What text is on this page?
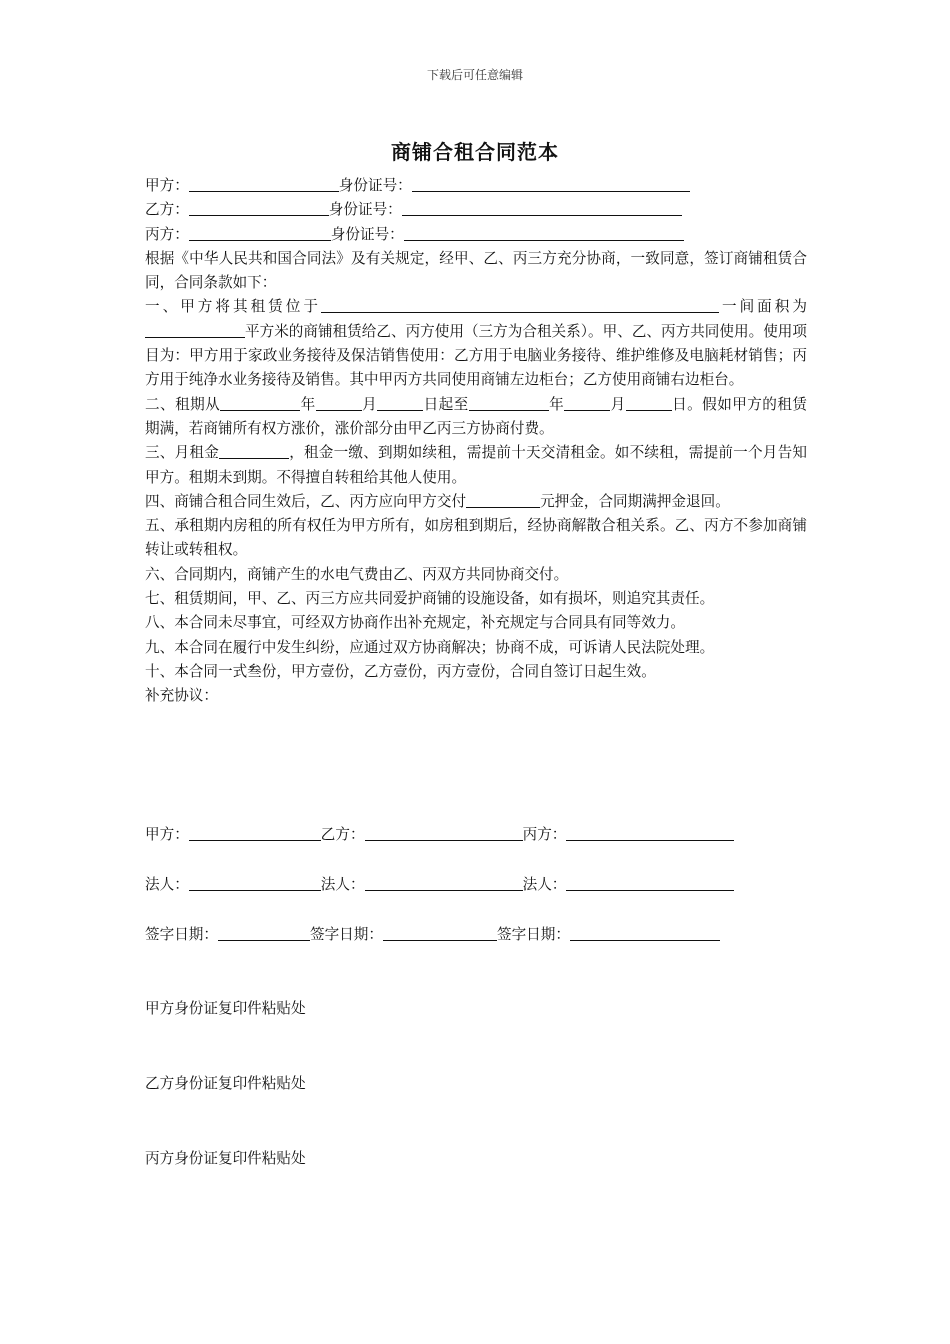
下载后可任意编辑
商铺合租合同范本
甲方：	身份证号：
乙方：	身份证号：
丙方：	身份证号：
根据《中华人民共和国合同法》及有关规定，经甲、乙、丙三方充分协商，一致同意，签订商铺租赁合同，合同条款如下：
一、甲方将其租赁位于	一间面积为平方米的商铺租赁给乙、丙方使用（三方为合租关系）。甲、乙、丙方共同使用。使用项目为：甲方用于家政业务接待及保洁销售使用：乙方用于电脑业务接待、维护维修及电脑耗材销售；丙方用于纯净水业务接待及销售。其中甲丙方共同使用商铺左边柜台；乙方使用商铺右边柜台。
二、租期从	年	月	日起至	年	月	日。假如甲方的租赁期满，若商铺所有权方涨价，涨价部分由甲乙丙三方协商付费。
三、月租金	，租金一缴、到期如续租，需提前十天交清租金。如不续租，需提前一个月告知甲方。租期未到期。不得擅自转租给其他人使用。
四、商铺合租合同生效后，乙、丙方应向甲方交付	元押金，合同期满押金退回。
五、承租期内房租的所有权任为甲方所有，如房租到期后，经协商解散合租关系。乙、丙方不参加商铺转让或转租权。
六、合同期内，商铺产生的水电气费由乙、丙双方共同协商交付。
七、租赁期间，甲、乙、丙三方应共同爱护商铺的设施设备，如有损坏，则追究其责任。
八、本合同未尽事宜，可经双方协商作出补充规定，补充规定与合同具有同等效力。
九、本合同在履行中发生纠纷，应通过双方协商解决；协商不成，可诉请人民法院处理。
十、本合同一式叁份，甲方壹份，乙方壹份，丙方壹份，合同自签订日起生效。
补充协议：
甲方：	乙方：	丙方：
法人：	法人：	法人：
签字日期：	签字日期：	签字日期：
甲方身份证复印件粘贴处
乙方身份证复印件粘贴处
丙方身份证复印件粘贴处
